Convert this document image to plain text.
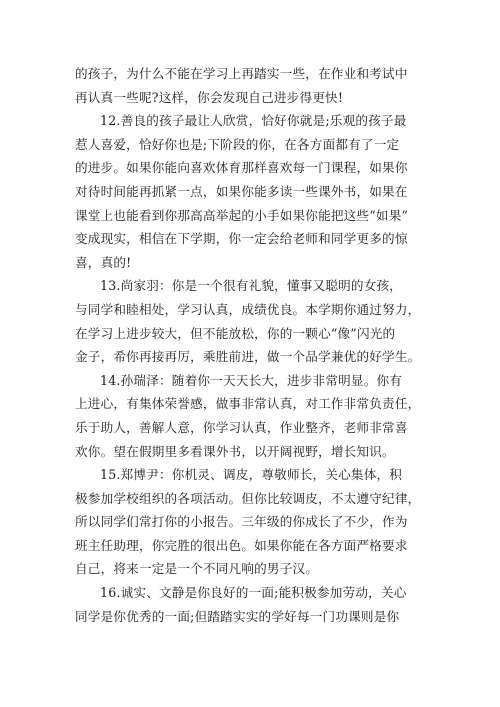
的孩子，为什么不能在学习上再踏实一些，在作业和考试中
再认真一些呢?这样，你会发现自己进步得更快!
12.善良的孩子最让人欣赏，恰好你就是;乐观的孩子最
惹人喜爱，恰好你也是;下阶段的你，在各方面都有了一定
的进步。如果你能向喜欢体育那样喜欢每一门课程，如果你
对待时间能再抓紧一点，如果你能多读一些课外书，如果在
课堂上也能看到你那高高举起的小手如果你能把这些“如果”
变成现实，相信在下学期，你一定会给老师和同学更多的惊
喜，真的!
13.尚家羽：你是一个很有礼貌，懂事又聪明的女孩，
与同学和睦相处，学习认真，成绩优良。本学期你通过努力，
在学习上进步较大，但不能放松，你的一颗心“像”闪光的
金子，希你再接再厉，乘胜前进，做一个品学兼优的好学生。
14.孙瑞泽：随着你一天天长大，进步非常明显。你有
上进心，有集体荣誉感，做事非常认真，对工作非常负责任，
乐于助人，善解人意，你学习认真，作业整齐，老师非常喜
欢你。望在假期里多看课外书，以开阔视野，增长知识。
15.郑博尹：你机灵、调皮，尊敬师长，关心集体，积
极参加学校组织的各项活动。但你比较调皮，不太遵守纪律，
所以同学们常打你的小报告。三年级的你成长了不少，作为
班主任助理，你完胜的很出色。如果你能在各方面严格要求
自己，将来一定是一个不同凡响的男子汉。
16.诚实、文静是你良好的一面;能积极参加劳动，关心
同学是你优秀的一面;但踏踏实实的学好每一门功课则是你
